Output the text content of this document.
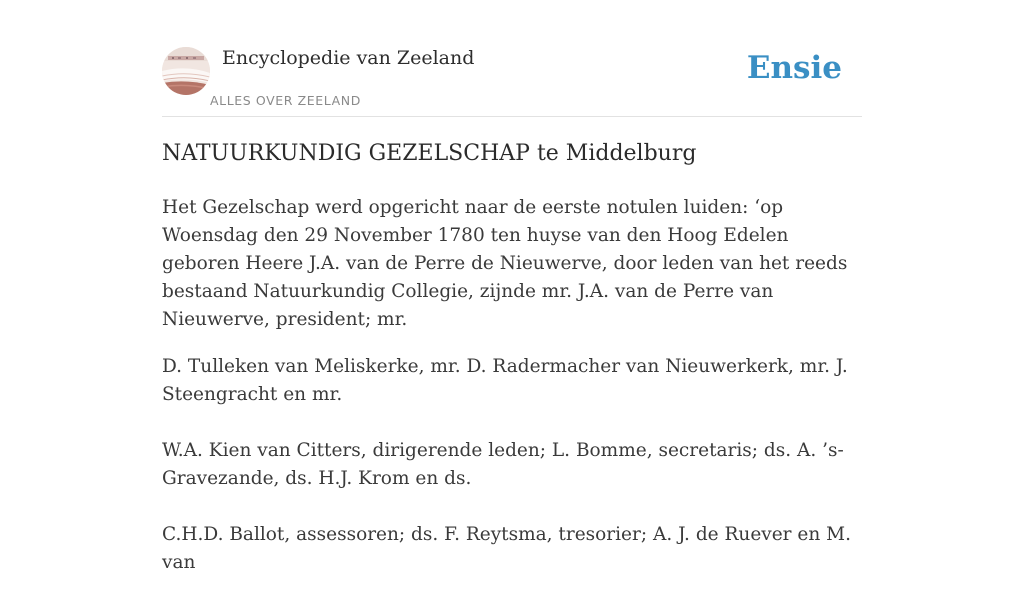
Encyclopedie van Zeeland
ALLES OVER ZEELAND
Ensie
NATUURKUNDIG GEZELSCHAP te Middelburg

Het Gezelschap werd opgericht naar de eerste notulen luiden: ‘op Woensdag den 29 November 1780 ten huyse van den Hoog Edelen geboren Heere J.A. van de Perre de Nieuwerve, door leden van het reeds bestaand Natuurkundig Collegie, zijnde mr. J.A. van de Perre van Nieuwerve, president; mr.

D. Tulleken van Meliskerke, mr. D. Radermacher van Nieuwerkerk, mr. J. Steengracht en mr.

W.A. Kien van Citters, dirigerende leden; L. Bomme, secretaris; ds. A. ’s-Gravezande, ds. H.J. Krom en ds.

C.H.D. Ballot, assessoren; ds. F. Reytsma, tresorier; A. J. de Ruever en M. van
